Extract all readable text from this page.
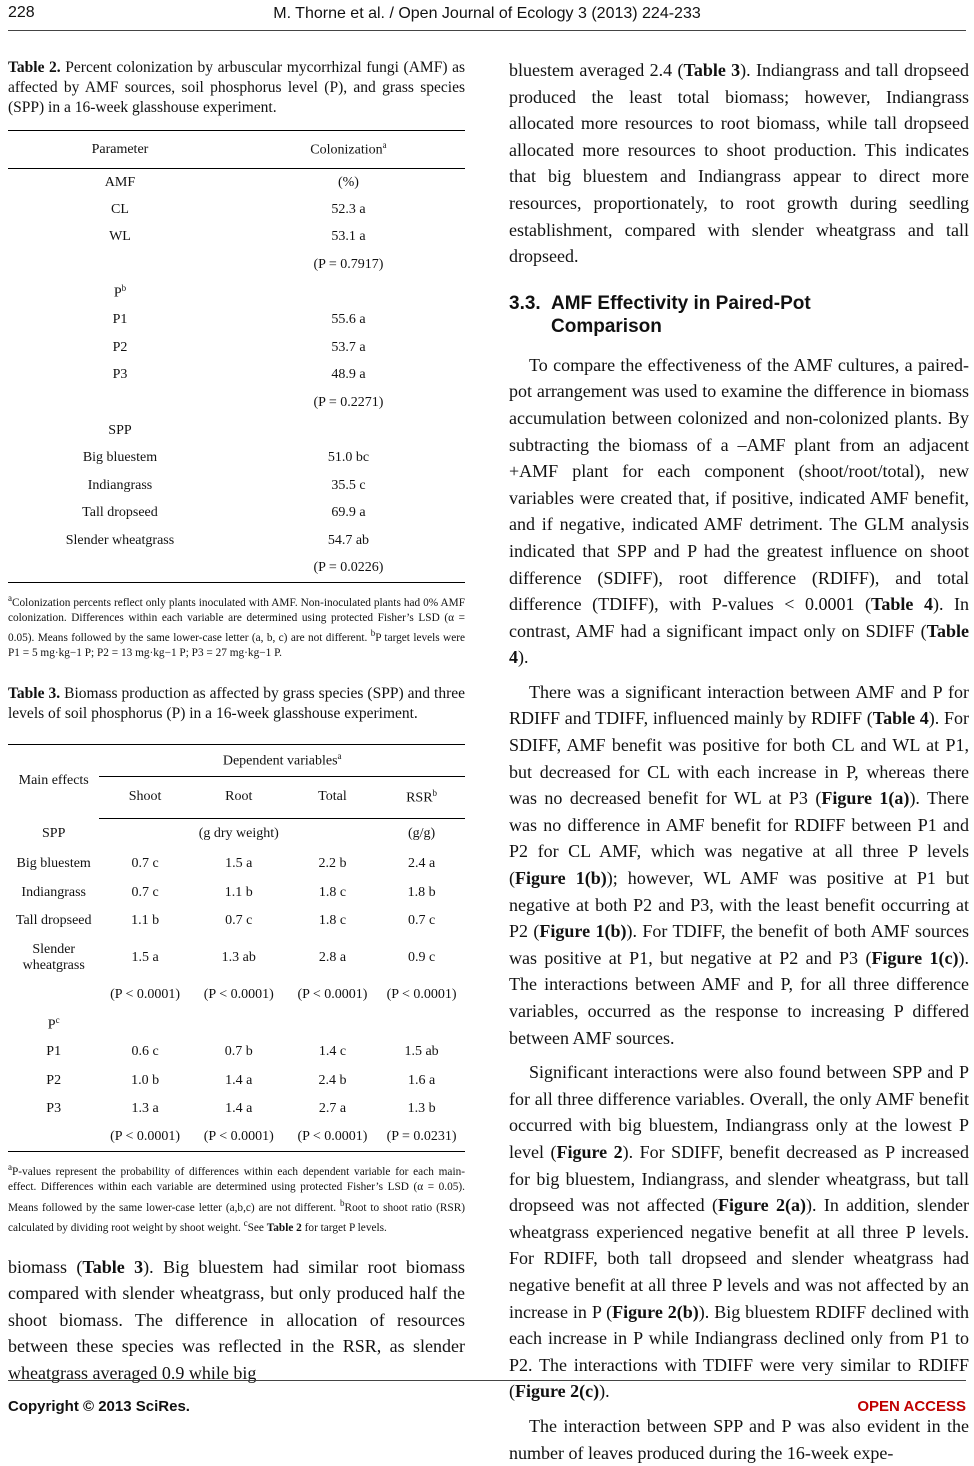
228	M. Thorne et al. / Open Journal of Ecology 3 (2013) 224-233
Table 2. Percent colonization by arbuscular mycorrhizal fungi (AMF) as affected by AMF sources, soil phosphorus level (P), and grass species (SPP) in a 16-week glasshouse experiment.
Parameter	Colonization$^a$
AMF	(%)
CL	52.3 a
WL	53.1 a
	(P = 0.7917)
$P^b$	
P1	55.6 a
P2	53.7 a
P3	48.9 a
	(P = 0.2271)
SPP	
Big bluestem	51.0 bc
Indiangrass	35.5 c
Tall dropseed	69.9 a
Slender wheatgrass	54.7 ab
	(P = 0.0226)
$^a$Colonization percents reflect only plants inoculated with AMF. Non-inoculated plants had 0% AMF colonization. Differences within each variable are determined using protected Fisher’s LSD (α = 0.05). Means followed by the same lower-case letter (a, b, c) are not different. $^b$P target levels were P1 = 5 mg·kg−1 P; P2 = 13 mg·kg−1 P; P3 = 27 mg·kg−1 P.
Table 3. Biomass production as affected by grass species (SPP) and three levels of soil phosphorus (P) in a 16-week glasshouse experiment.
Main effects	Dependent variables$^a$
	Shoot	Root	Total	RSR$^b$
SPP	(g dry weight)			(g/g)
Big bluestem	0.7 c	1.5 a	2.2 b	2.4 a
Indiangrass	0.7 c	1.1 b	1.8 c	1.8 b
Tall dropseed	1.1 b	0.7 c	1.8 c	0.7 c
Slender wheatgrass	1.5 a	1.3 ab	2.8 a	0.9 c
	(P < 0.0001)	(P < 0.0001)	(P < 0.0001)	(P < 0.0001)
$P^c$				
P1	0.6 c	0.7 b	1.4 c	1.5 ab
P2	1.0 b	1.4 a	2.4 b	1.6 a
P3	1.3 a	1.4 a	2.7 a	1.3 b
	(P < 0.0001)	(P < 0.0001)	(P < 0.0001)	(P = 0.0231)
$^a$P-values represent the probability of differences within each dependent variable for each main-effect. Differences within each variable are determined using protected Fisher’s LSD (α = 0.05). Means followed by the same lower-case letter (a,b,c) are not different. $^b$Root to shoot ratio (RSR) calculated by dividing root weight by shoot weight. $^c$See Table 2 for target P levels.

biomass (Table 3). Big bluestem had similar root biomass compared with slender wheatgrass, but only produced half the shoot biomass. The difference in allocation of resources between these species was reflected in the RSR, as slender wheatgrass averaged 0.9 while big

bluestem averaged 2.4 (Table 3). Indiangrass and tall dropseed produced the least total biomass; however, Indiangrass allocated more resources to root biomass, while tall dropseed allocated more resources to shoot production. This indicates that big bluestem and Indiangrass appear to direct more resources, proportionately, to root growth during seedling establishment, compared with slender wheatgrass and tall dropseed.

3.3. AMF Effectivity in Paired-Pot
Comparison

To compare the effectiveness of the AMF cultures, a paired-pot arrangement was used to examine the difference in biomass accumulation between colonized and non-colonized plants. By subtracting the biomass of a –AMF plant from an adjacent +AMF plant for each component (shoot/root/total), new variables were created that, if positive, indicated AMF benefit, and if negative, indicated AMF detriment. The GLM analysis indicated that SPP and P had the greatest influence on shoot difference (SDIFF), root difference (RDIFF), and total difference (TDIFF), with P-values < 0.0001 (Table 4). In contrast, AMF had a significant impact only on SDIFF (Table 4).

There was a significant interaction between AMF and P for RDIFF and TDIFF, influenced mainly by RDIFF (Table 4). For SDIFF, AMF benefit was positive for both CL and WL at P1, but decreased for CL with each increase in P, whereas there was no decreased benefit for WL at P3 (Figure 1(a)). There was no difference in AMF benefit for RDIFF between P1 and P2 for CL AMF, which was negative at all three P levels (Figure 1(b)); however, WL AMF was positive at P1 but negative at both P2 and P3, with the least benefit occurring at P2 (Figure 1(b)). For TDIFF, the benefit of both AMF sources was positive at P1, but negative at P2 and P3 (Figure 1(c)). The interactions between AMF and P, for all three difference variables, occurred as the response to increasing P differed between AMF sources.

Significant interactions were also found between SPP and P for all three difference variables. Overall, the only AMF benefit occurred with big bluestem, Indiangrass only at the lowest P level (Figure 2). For SDIFF, benefit decreased as P increased for big bluestem, Indiangrass, and slender wheatgrass, but tall dropseed was not affected (Figure 2(a)). In addition, slender wheatgrass experienced negative benefit at all three P levels. For RDIFF, both tall dropseed and slender wheatgrass had negative benefit at all three P levels and was not affected by an increase in P (Figure 2(b)). Big bluestem RDIFF declined with each increase in P while Indiangrass declined only from P1 to P2. The interactions with TDIFF were very similar to RDIFF (Figure 2(c)).

The interaction between SPP and P was also evident in the number of leaves produced during the 16-week expe-

Copyright © 2013 SciRes.	OPEN ACCESS
